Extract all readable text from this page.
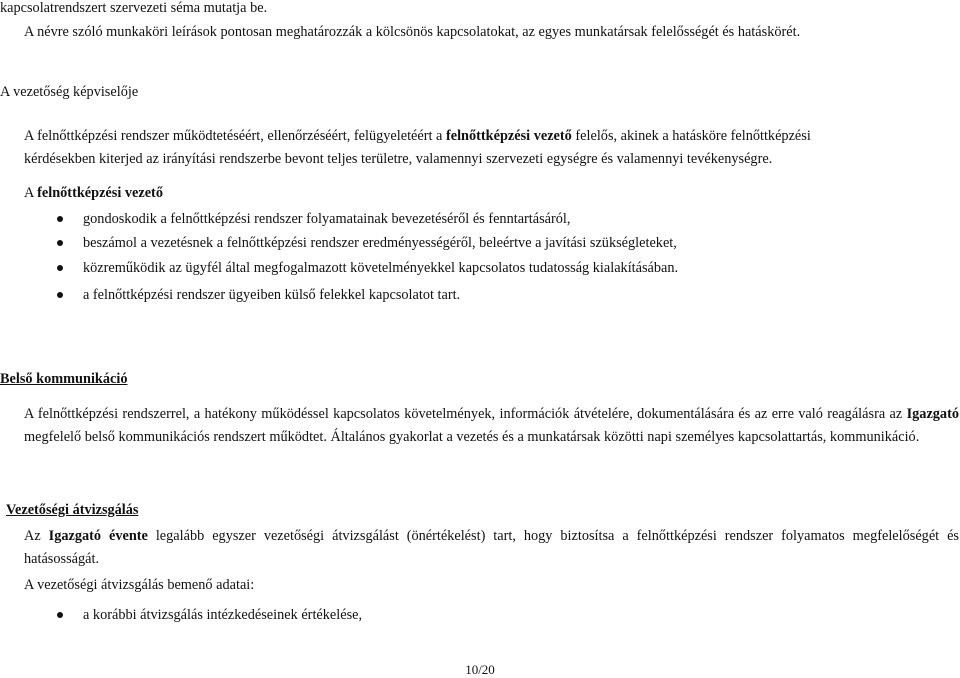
kapcsolatrendszert szervezeti séma mutatja be.
A névre szóló munkaköri leírások pontosan meghatározzák a kölcsönös kapcsolatokat, az egyes munkatársak felelősségét és hatáskörét.
A vezetőség képviselője
A felnőttképzési rendszer működtetéséért, ellenőrzéséért, felügyeletéért a felnőttképzési vezető felelős, akinek a hatásköre felnőttképzési
kérdésekben kiterjed az irányítási rendszerbe bevont teljes területre, valamennyi szervezeti egységre és valamennyi tevékenységre.
A felnőttképzési vezető
gondoskodik a felnőttképzési rendszer folyamatainak bevezetéséről és fenntartásáról,
beszámol a vezetésnek a felnőttképzési rendszer eredményességéről, beleértve a javítási szükségleteket,
közreműködik az ügyfél által megfogalmazott követelményekkel kapcsolatos tudatosság kialakításában.
a felnőttképzési rendszer ügyeiben külső felekkel kapcsolatot tart.
Belső kommunikáció
A felnőttképzési rendszerrel, a hatékony működéssel kapcsolatos követelmények, információk átvételére, dokumentálására és az erre való reagálásra az Igazgató megfelelő belső kommunikációs rendszert működtet. Általános gyakorlat a vezetés és a munkatársak közötti napi személyes kapcsolattartás, kommunikáció.
Vezetőségi átvizsgálás
Az Igazgató évente legalább egyszer vezetőségi átvizsgálást (önértékelést) tart, hogy biztosítsa a felnőttképzési rendszer folyamatos megfelelőségét és hatásosságát.
A vezetőségi átvizsgálás bemenő adatai:
a korábbi átvizsgálás intézkedéseinek értékelése,
10/20
